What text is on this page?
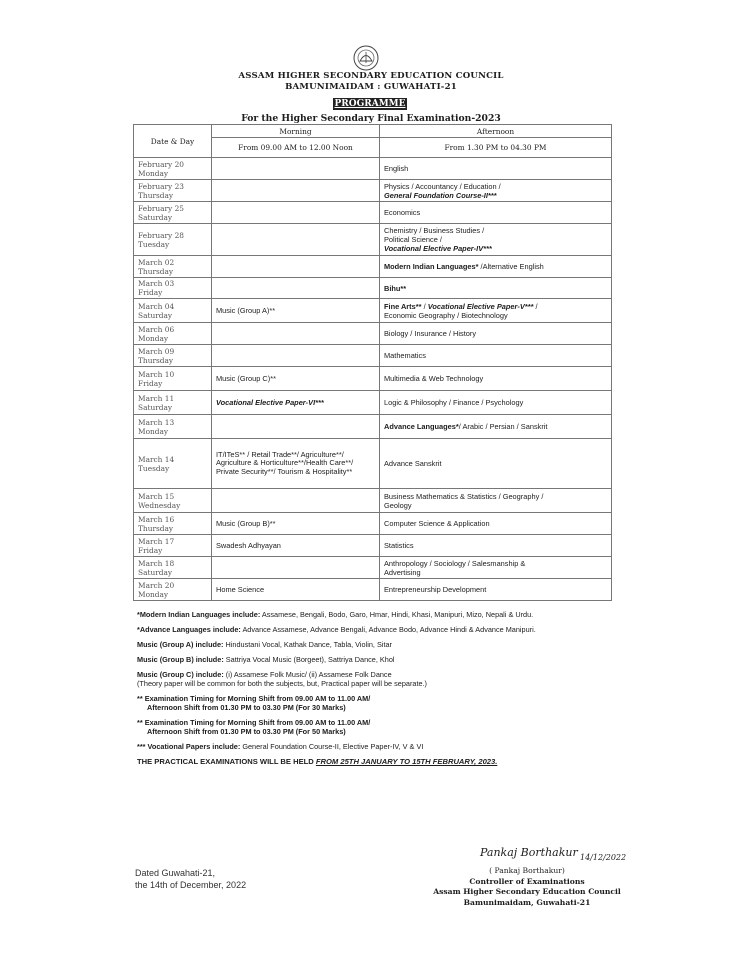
ASSAM HIGHER SECONDARY EDUCATION COUNCIL
BAMUNIMAIDAM : GUWAHATI-21
PROGRAMME
For the Higher Secondary Final Examination-2023
Date & Day	Morning	Afternoon
From 09.00 AM to 12.00 Noon	From 1.30 PM to 04.30 PM
February 20
Monday		English
February 23
Thursday		Physics / Accountancy / Education /
General Foundation Course-II***
February 25
Saturday		Economics
February 28
Tuesday		Chemistry / Business Studies /
Political Science /
Vocational Elective Paper-IV***
March 02
Thursday		Modern Indian Languages* /Alternative English
March 03
Friday		Bihu**
March 04
Saturday	Music (Group A)**	Fine Arts** / Vocational Elective Paper-V*** /
Economic Geography / Biotechnology
March 06
Monday		Biology / Insurance / History
March 09
Thursday		Mathematics
March 10
Friday	Music (Group C)**	Multimedia & Web Technology
March 11
Saturday	Vocational Elective Paper-VI***	Logic & Philosophy / Finance / Psychology
March 13
Monday		Advance Languages*/ Arabic / Persian / Sanskrit
March 14
Tuesday	IT/ITeS** / Retail Trade**/ Agriculture**/ Agriculture & Horticulture**/Health Care**/ Private Security**/ Tourism & Hospitality**	Advance Sanskrit
March 15
Wednesday		Business Mathematics & Statistics / Geography /
Geology
March 16
Thursday	Music (Group B)**	Computer Science & Application
March 17
Friday	Swadesh Adhyayan	Statistics
March 18
Saturday		Anthropology / Sociology / Salesmanship &
Advertising
March 20
Monday	Home Science	Entrepreneurship Development
*Modern Indian Languages include: Assamese, Bengali, Bodo, Garo, Hmar, Hindi, Khasi, Manipuri, Mizo, Nepali & Urdu.
*Advance Languages include: Advance Assamese, Advance Bengali, Advance Bodo, Advance Hindi & Advance Manipuri.
Music (Group A) include: Hindustani Vocal, Kathak Dance, Tabla, Violin, Sitar
Music (Group B) include: Sattriya Vocal Music (Borgeet), Sattriya Dance, Khol
Music (Group C) include: (i) Assamese Folk Music/ (ii) Assamese Folk Dance
(Theory paper will be common for both the subjects, but, Practical paper will be separate.)
** Examination Timing for Morning Shift from 09.00 AM to 11.00 AM/
Afternoon Shift from 01.30 PM to 03.30 PM (For 30 Marks)
** Examination Timing for Morning Shift from 09.00 AM to 11.00 AM/
Afternoon Shift from 01.30 PM to 03.30 PM (For 50 Marks)
*** Vocational Papers include: General Foundation Course-II, Elective Paper-IV, V & VI
THE PRACTICAL EXAMINATIONS WILL BE HELD FROM 25TH JANUARY TO 15TH FEBRUARY, 2023.
Dated Guwahati-21,
the 14th of December, 2022
Pankaj Borthakur 14/12/2022
( Pankaj Borthakur)
Controller of Examinations
Assam Higher Secondary Education Council
Bamunimaidam, Guwahati-21
